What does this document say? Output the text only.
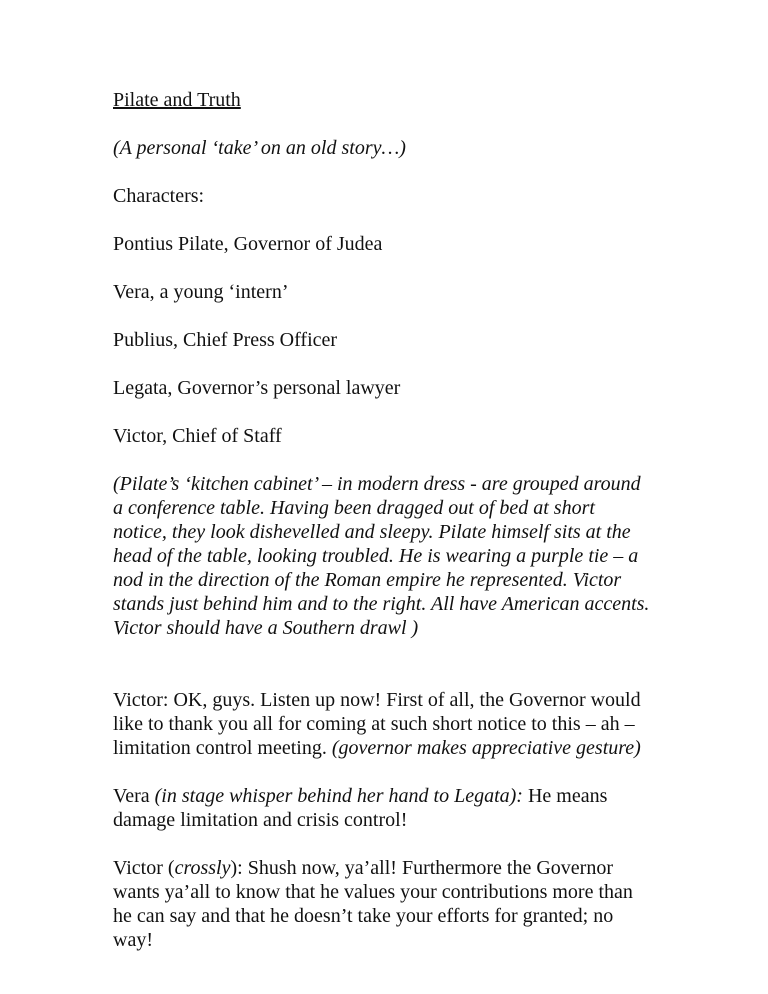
Pilate and Truth

(A personal ‘take’ on an old story…)

Characters:

Pontius Pilate, Governor of Judea

Vera, a young ‘intern’

Publius, Chief Press Officer

Legata, Governor’s personal lawyer

Victor, Chief of Staff

(Pilate’s ‘kitchen cabinet’ – in modern dress - are grouped around
a conference table. Having been dragged out of bed at short
notice, they look dishevelled and sleepy. Pilate himself sits at the
head of the table, looking troubled. He is wearing a purple tie – a
nod in the direction of the Roman empire he represented. Victor
stands just behind him and to the right. All have American accents.
Victor should have a Southern drawl )
Victor: OK, guys. Listen up now! First of all, the Governor would
like to thank you all for coming at such short notice to this – ah –
limitation control meeting. (governor makes appreciative gesture)
Vera (in stage whisper behind her hand to Legata): He means
damage limitation and crisis control!
Victor (crossly): Shush now, ya’all! Furthermore the Governor
wants ya’all to know that he values your contributions more than
he can say and that he doesn’t take your efforts for granted; no
way!
